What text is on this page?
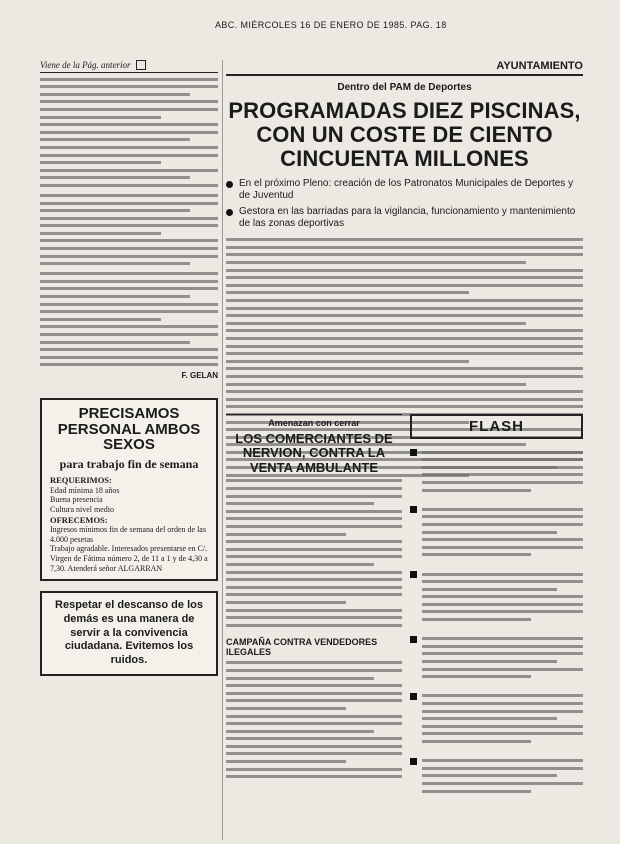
ABC. MIÉRCOLES 16 DE ENERO DE 1985. PAG. 18
Viene de la Pág. anterior
F. GELAN
PRECISAMOS PERSONAL AMBOS SEXOS
para trabajo fin de semana
REQUERIMOS:
Edad mínima 18 años
Buena presencia
Cultura nivel medio
OFRECEMOS:
Ingresos mínimos fin de semana del orden de las 4.000 pesetas
Trabajo agradable. Interesados presentarse en C/. Virgen de Fátima número 2, de 11 a 1 y de 4,30 a 7,30. Atenderá señor ALGARRAN
Respetar el descanso de los demás es una manera de servir a la convivencia ciudadana. Evitemos los ruidos.
AYUNTAMIENTO
Dentro del PAM de Deportes
PROGRAMADAS DIEZ PISCINAS, CON UN COSTE DE CIENTO CINCUENTA MILLONES
En el próximo Pleno: creación de los Patronatos Municipales de Deportes y de Juventud
Gestora en las barriadas para la vigilancia, funcionamiento y mantenimiento de las zonas deportivas
Amenazan con cerrar
LOS COMERCIANTES DE NERVION, CONTRA LA VENTA AMBULANTE
CAMPAÑA CONTRA VENDEDORES ILEGALES
FLASH
